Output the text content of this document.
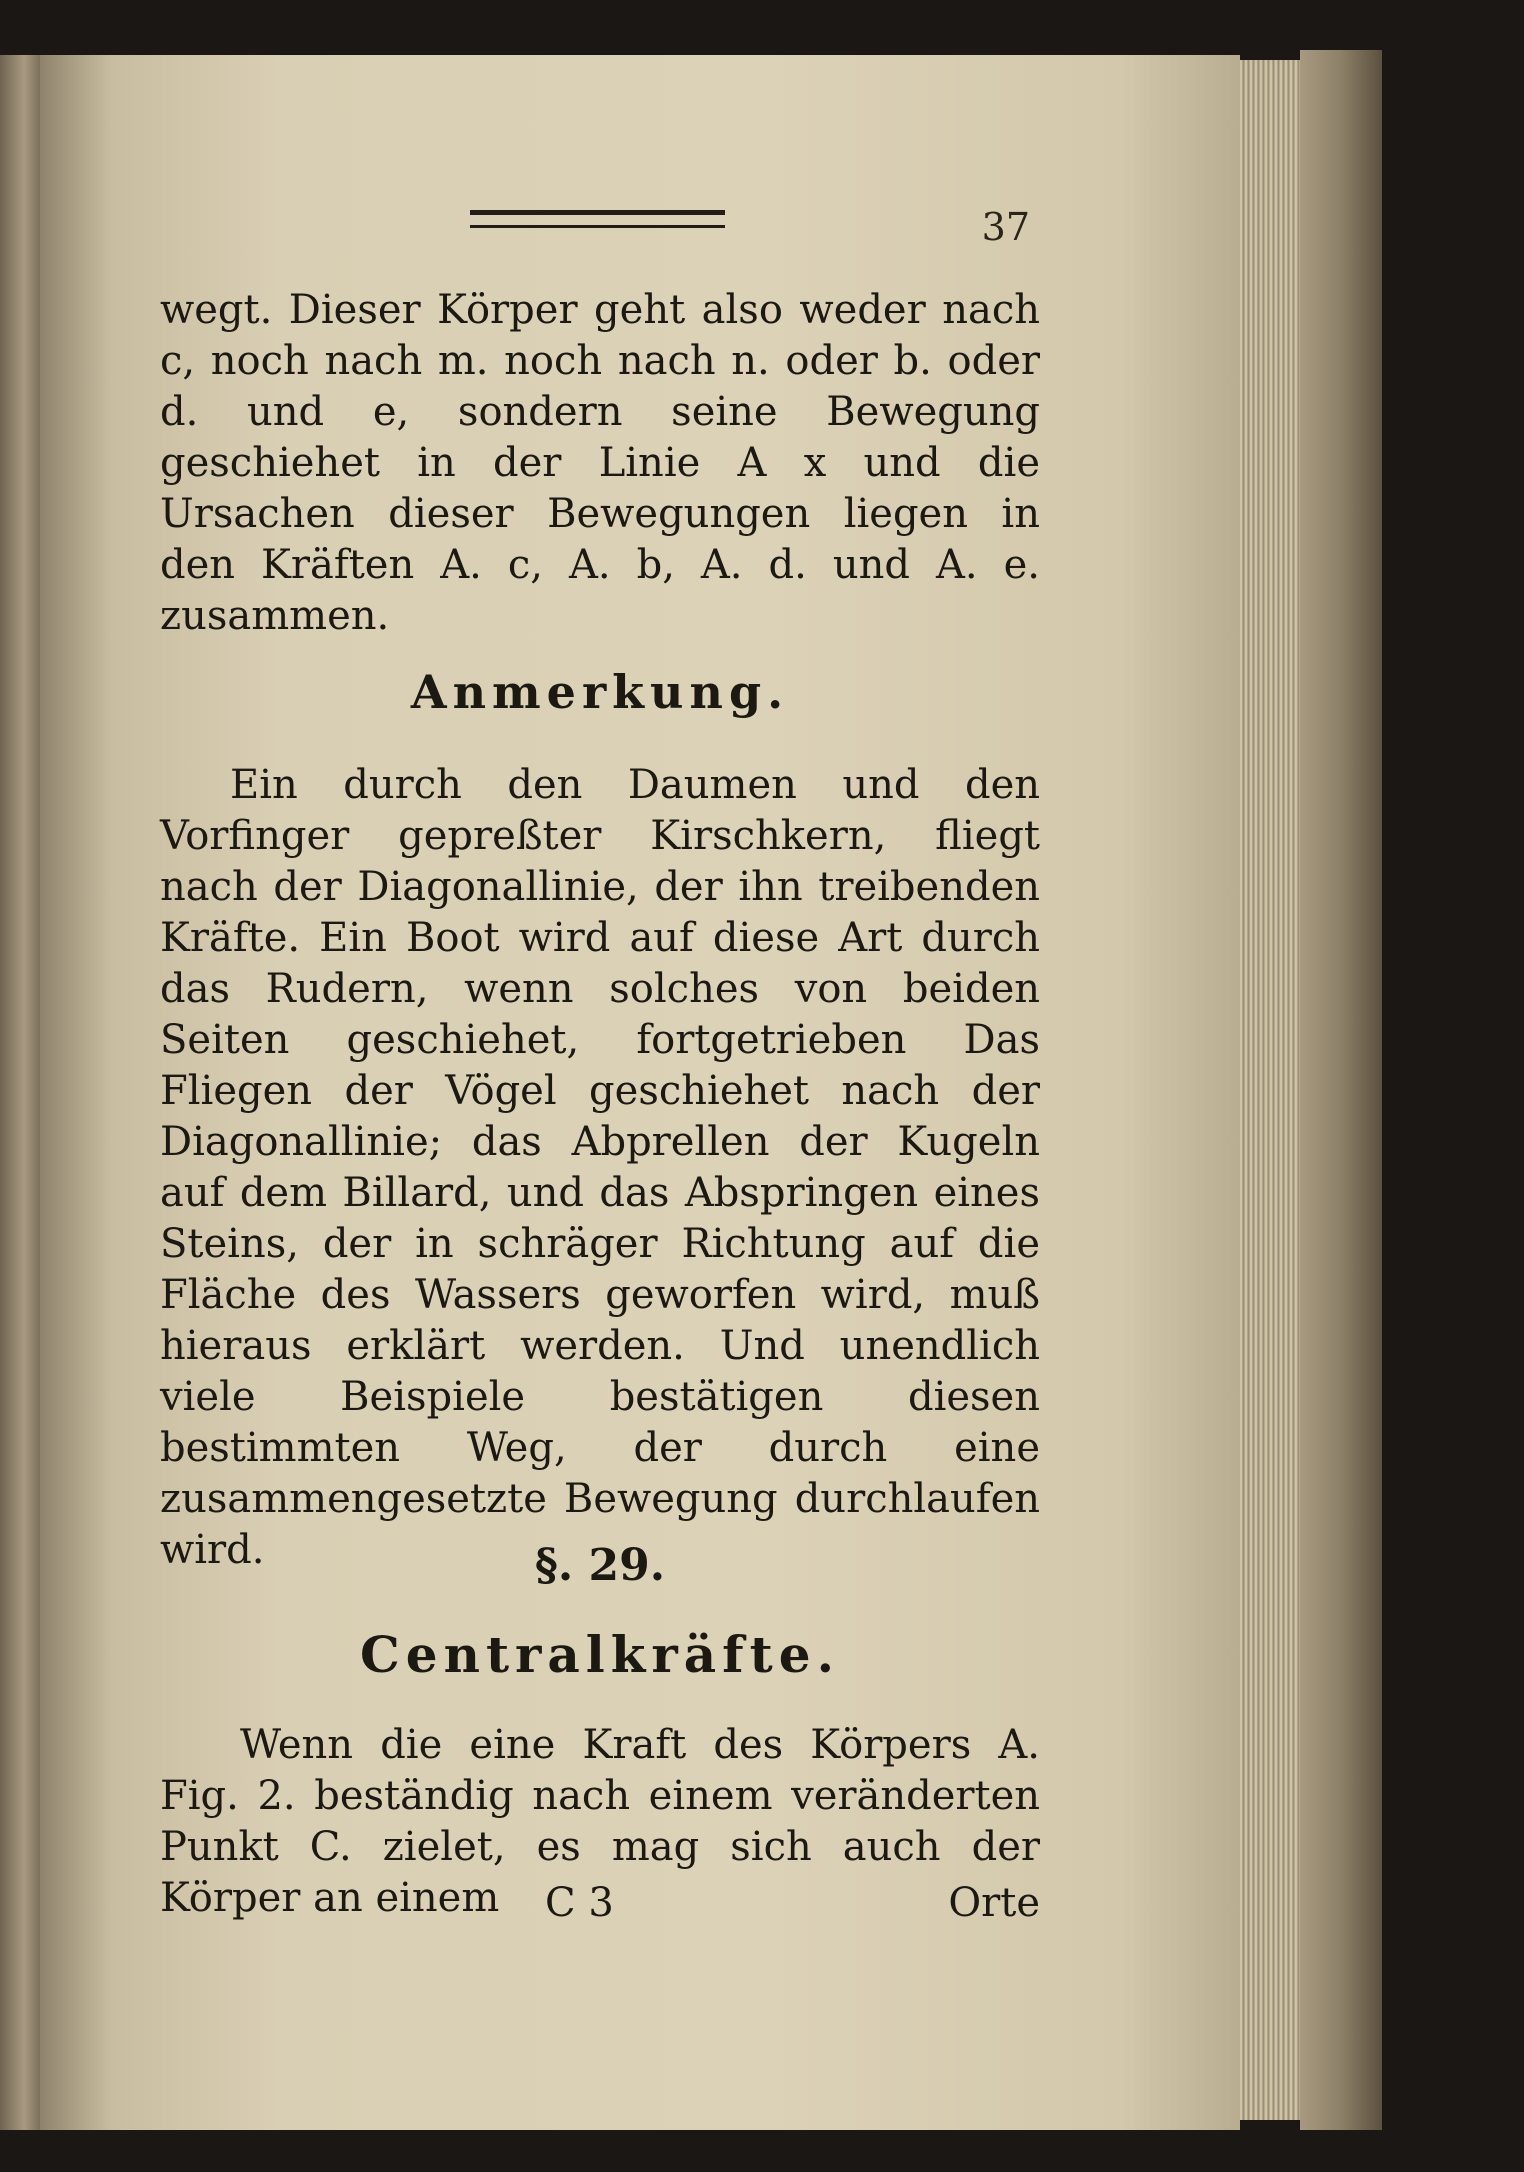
37

wegt. Dieser Körper geht also weder nach c, noch nach m. noch nach n. oder b. oder d. und e, sondern seine Bewegung geschiehet in der Linie A x und die Ursachen dieser Bewegungen liegen in den Kräften A. c, A. b, A. d. und A. e. zusammen.

Anmerkung.

Ein durch den Daumen und den Vorfinger gepreßter Kirschkern, fliegt nach der Diagonallinie, der ihn treibenden Kräfte. Ein Boot wird auf diese Art durch das Rudern, wenn solches von beiden Seiten geschiehet, fortgetrieben Das Fliegen der Vögel geschiehet nach der Diagonallinie; das Abprellen der Kugeln auf dem Billard, und das Abspringen eines Steins, der in schräger Richtung auf die Fläche des Wassers geworfen wird, muß hieraus erklärt werden. Und unendlich viele Beispiele bestätigen diesen bestimmten Weg, der durch eine zusammengesetzte Bewegung durchlaufen wird.	§. 29.
Centralkräfte.

Wenn die eine Kraft des Körpers A. Fig. 2. beständig nach einem veränderten Punkt C. zielet, es mag sich auch der Körper an einem	C 3	Orte
